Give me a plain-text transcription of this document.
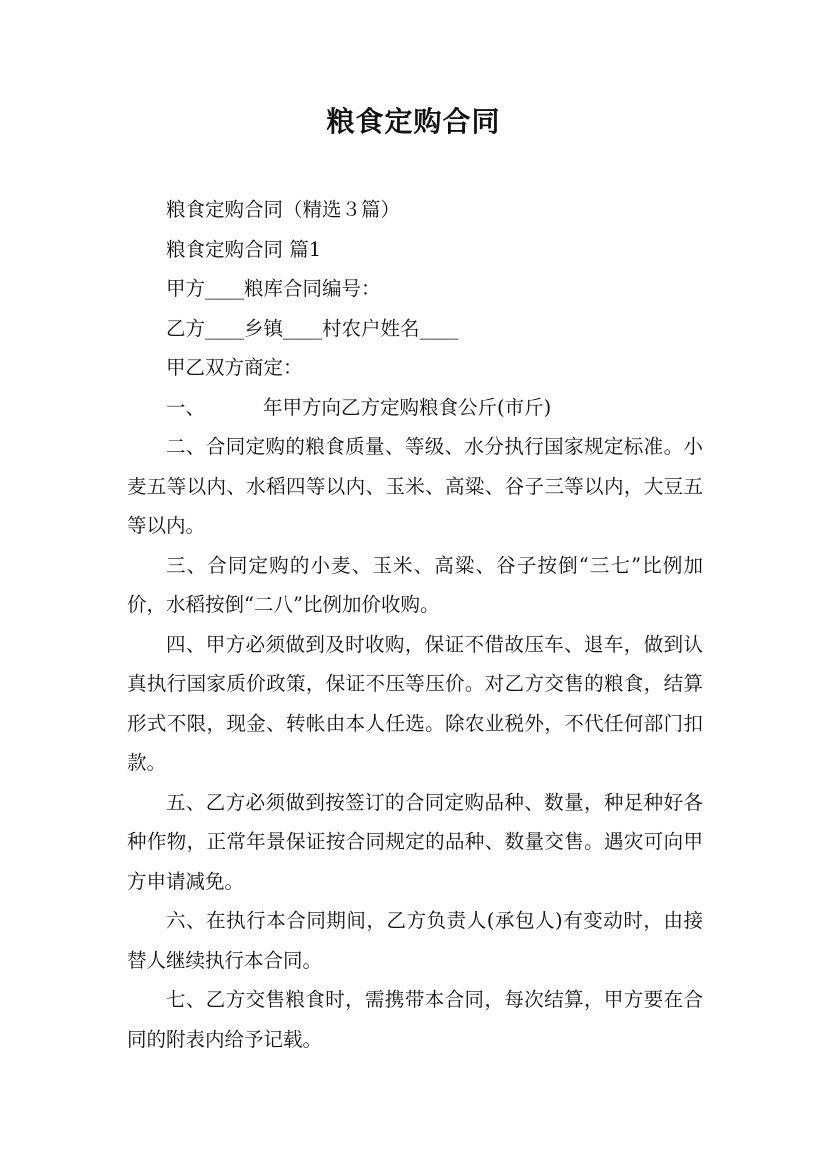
粮食定购合同

粮食定购合同（精选３篇）

粮食定购合同 篇1

甲方____粮库合同编号：

乙方____乡镇____村农户姓名____

甲乙双方商定：

一、	年甲方向乙方定购粮食公斤(市斤)

二、合同定购的粮食质量、等级、水分执行国家规定标准。小麦五等以内、水稻四等以内、玉米、高粱、谷子三等以内，大豆五等以内。

三、合同定购的小麦、玉米、高粱、谷子按倒“三七”比例加价，水稻按倒“二八”比例加价收购。

四、甲方必须做到及时收购，保证不借故压车、退车，做到认真执行国家质价政策，保证不压等压价。对乙方交售的粮食，结算形式不限，现金、转帐由本人任选。除农业税外，不代任何部门扣款。

五、乙方必须做到按签订的合同定购品种、数量，种足种好各种作物，正常年景保证按合同规定的品种、数量交售。遇灾可向甲方申请减免。

六、在执行本合同期间，乙方负责人(承包人)有变动时，由接替人继续执行本合同。

七、乙方交售粮食时，需携带本合同，每次结算，甲方要在合同的附表内给予记载。
